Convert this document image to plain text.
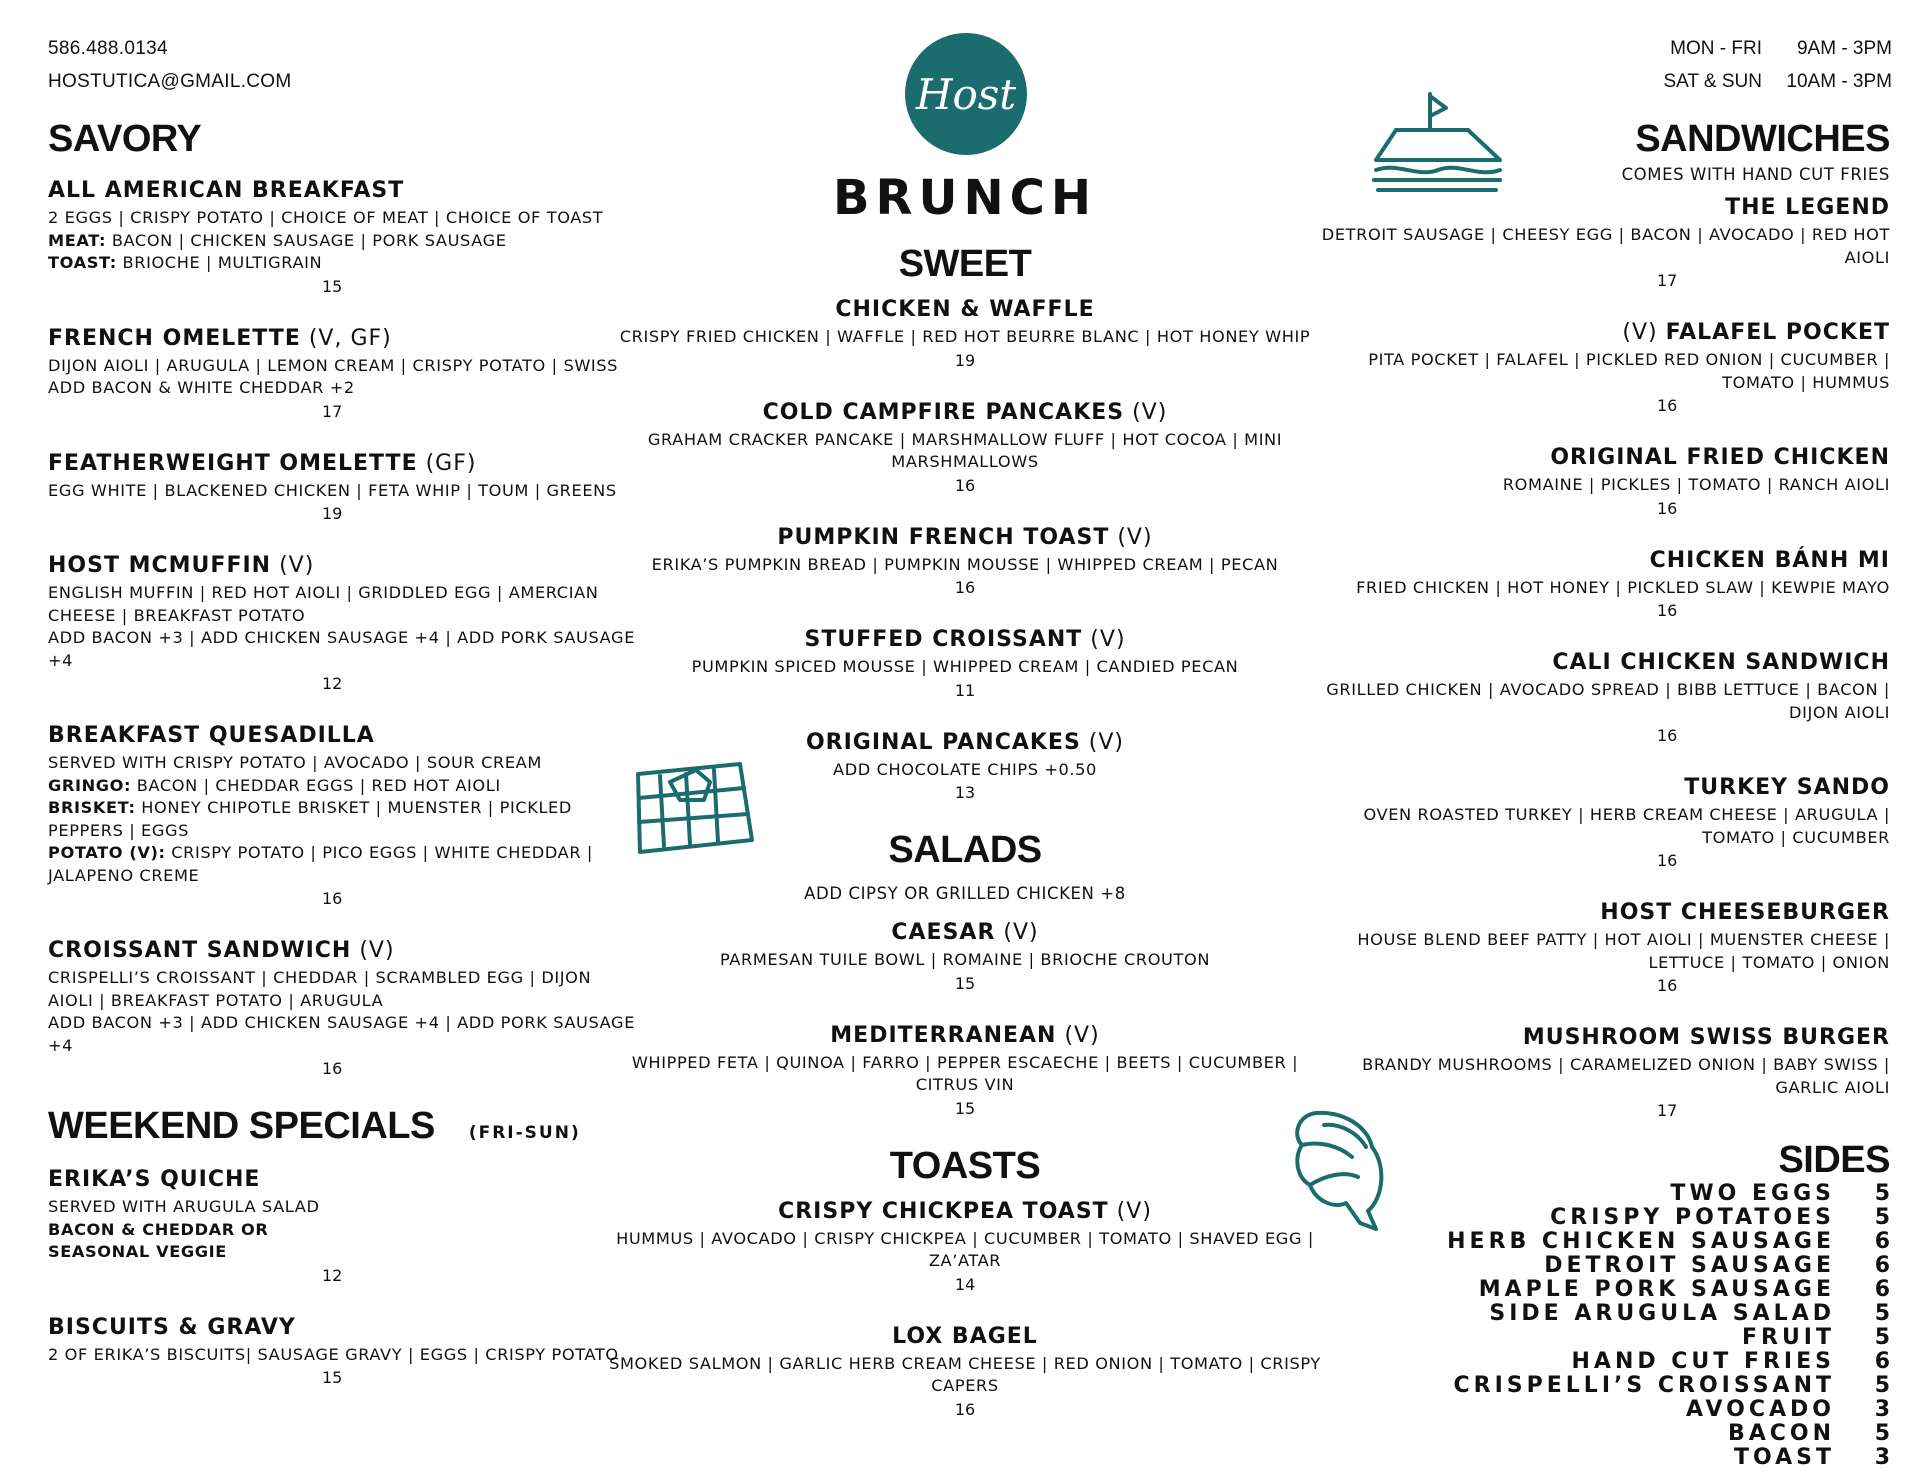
586.488.0134
HOSTUTICA@GMAIL.COM
MON - FRI	9AM - 3PM
SAT & SUN	10AM - 3PM
Host
BRUNCH
SAVORY
ALL AMERICAN BREAKFAST
2 EGGS | CRISPY POTATO | CHOICE OF MEAT | CHOICE OF TOAST
MEAT: BACON | CHICKEN SAUSAGE | PORK SAUSAGE
TOAST: BRIOCHE | MULTIGRAIN
15
FRENCH OMELETTE (V, GF)
DIJON AIOLI | ARUGULA | LEMON CREAM | CRISPY POTATO | SWISS
ADD BACON & WHITE CHEDDAR +2
17
FEATHERWEIGHT OMELETTE (GF)
EGG WHITE | BLACKENED CHICKEN | FETA WHIP | TOUM | GREENS
19
HOST MCMUFFIN (V)
ENGLISH MUFFIN | RED HOT AIOLI | GRIDDLED EGG | AMERCIAN CHEESE | BREAKFAST POTATO
ADD BACON +3 | ADD CHICKEN SAUSAGE +4 | ADD PORK SAUSAGE +4
12
BREAKFAST QUESADILLA
SERVED WITH CRISPY POTATO | AVOCADO | SOUR CREAM
GRINGO: BACON | CHEDDAR EGGS | RED HOT AIOLI
BRISKET: HONEY CHIPOTLE BRISKET | MUENSTER | PICKLED PEPPERS | EGGS
POTATO (V): CRISPY POTATO | PICO EGGS | WHITE CHEDDAR | JALAPENO CREME
16
CROISSANT SANDWICH (V)
CRISPELLI’S CROISSANT | CHEDDAR | SCRAMBLED EGG | DIJON AIOLI | BREAKFAST POTATO | ARUGULA
ADD BACON +3 | ADD CHICKEN SAUSAGE +4 | ADD PORK SAUSAGE +4
16
WEEKEND SPECIALS (FRI-SUN)
ERIKA’S QUICHE
SERVED WITH ARUGULA SALAD
BACON & CHEDDAR OR
SEASONAL VEGGIE
12
BISCUITS & GRAVY
2 OF ERIKA’S BISCUITS| SAUSAGE GRAVY | EGGS | CRISPY POTATO
15
SWEET
CHICKEN & WAFFLE
CRISPY FRIED CHICKEN | WAFFLE | RED HOT BEURRE BLANC | HOT HONEY WHIP
19
COLD CAMPFIRE PANCAKES (V)
GRAHAM CRACKER PANCAKE | MARSHMALLOW FLUFF | HOT COCOA | MINI MARSHMALLOWS
16
PUMPKIN FRENCH TOAST (V)
ERIKA’S PUMPKIN BREAD | PUMPKIN MOUSSE | WHIPPED CREAM | PECAN
16
STUFFED CROISSANT (V)
PUMPKIN SPICED MOUSSE | WHIPPED CREAM | CANDIED PECAN
11
ORIGINAL PANCAKES (V)
ADD CHOCOLATE CHIPS +0.50
13
SALADS
ADD CIPSY OR GRILLED CHICKEN +8
CAESAR (V)
PARMESAN TUILE BOWL | ROMAINE | BRIOCHE CROUTON
15
MEDITERRANEAN (V)
WHIPPED FETA | QUINOA | FARRO | PEPPER ESCAECHE | BEETS | CUCUMBER | CITRUS VIN
15
TOASTS
CRISPY CHICKPEA TOAST (V)
HUMMUS | AVOCADO | CRISPY CHICKPEA | CUCUMBER | TOMATO | SHAVED EGG | ZA’ATAR
14
LOX BAGEL
SMOKED SALMON | GARLIC HERB CREAM CHEESE | RED ONION | TOMATO | CRISPY CAPERS
16
SANDWICHES
COMES WITH HAND CUT FRIES
THE LEGEND
DETROIT SAUSAGE | CHEESY EGG | BACON | AVOCADO | RED HOT AIOLI
17
(V) FALAFEL POCKET
PITA POCKET | FALAFEL | PICKLED RED ONION | CUCUMBER | TOMATO | HUMMUS
16
ORIGINAL FRIED CHICKEN
ROMAINE | PICKLES | TOMATO | RANCH AIOLI
16
CHICKEN BÁNH MI
FRIED CHICKEN | HOT HONEY | PICKLED SLAW | KEWPIE MAYO
16
CALI CHICKEN SANDWICH
GRILLED CHICKEN | AVOCADO SPREAD | BIBB LETTUCE | BACON | DIJON AIOLI
16
TURKEY SANDO
OVEN ROASTED TURKEY | HERB CREAM CHEESE | ARUGULA | TOMATO | CUCUMBER
16
HOST CHEESEBURGER
HOUSE BLEND BEEF PATTY | HOT AIOLI | MUENSTER CHEESE | LETTUCE | TOMATO | ONION
16
MUSHROOM SWISS BURGER
BRANDY MUSHROOMS | CARAMELIZED ONION | BABY SWISS | GARLIC AIOLI
17
SIDES
TWO EGGS	5
CRISPY POTATOES	5
HERB CHICKEN SAUSAGE	6
DETROIT SAUSAGE	6
MAPLE PORK SAUSAGE	6
SIDE ARUGULA SALAD	5
FRUIT	5
HAND CUT FRIES	6
CRISPELLI’S CROISSANT	5
AVOCADO	3
BACON	5
TOAST	3
